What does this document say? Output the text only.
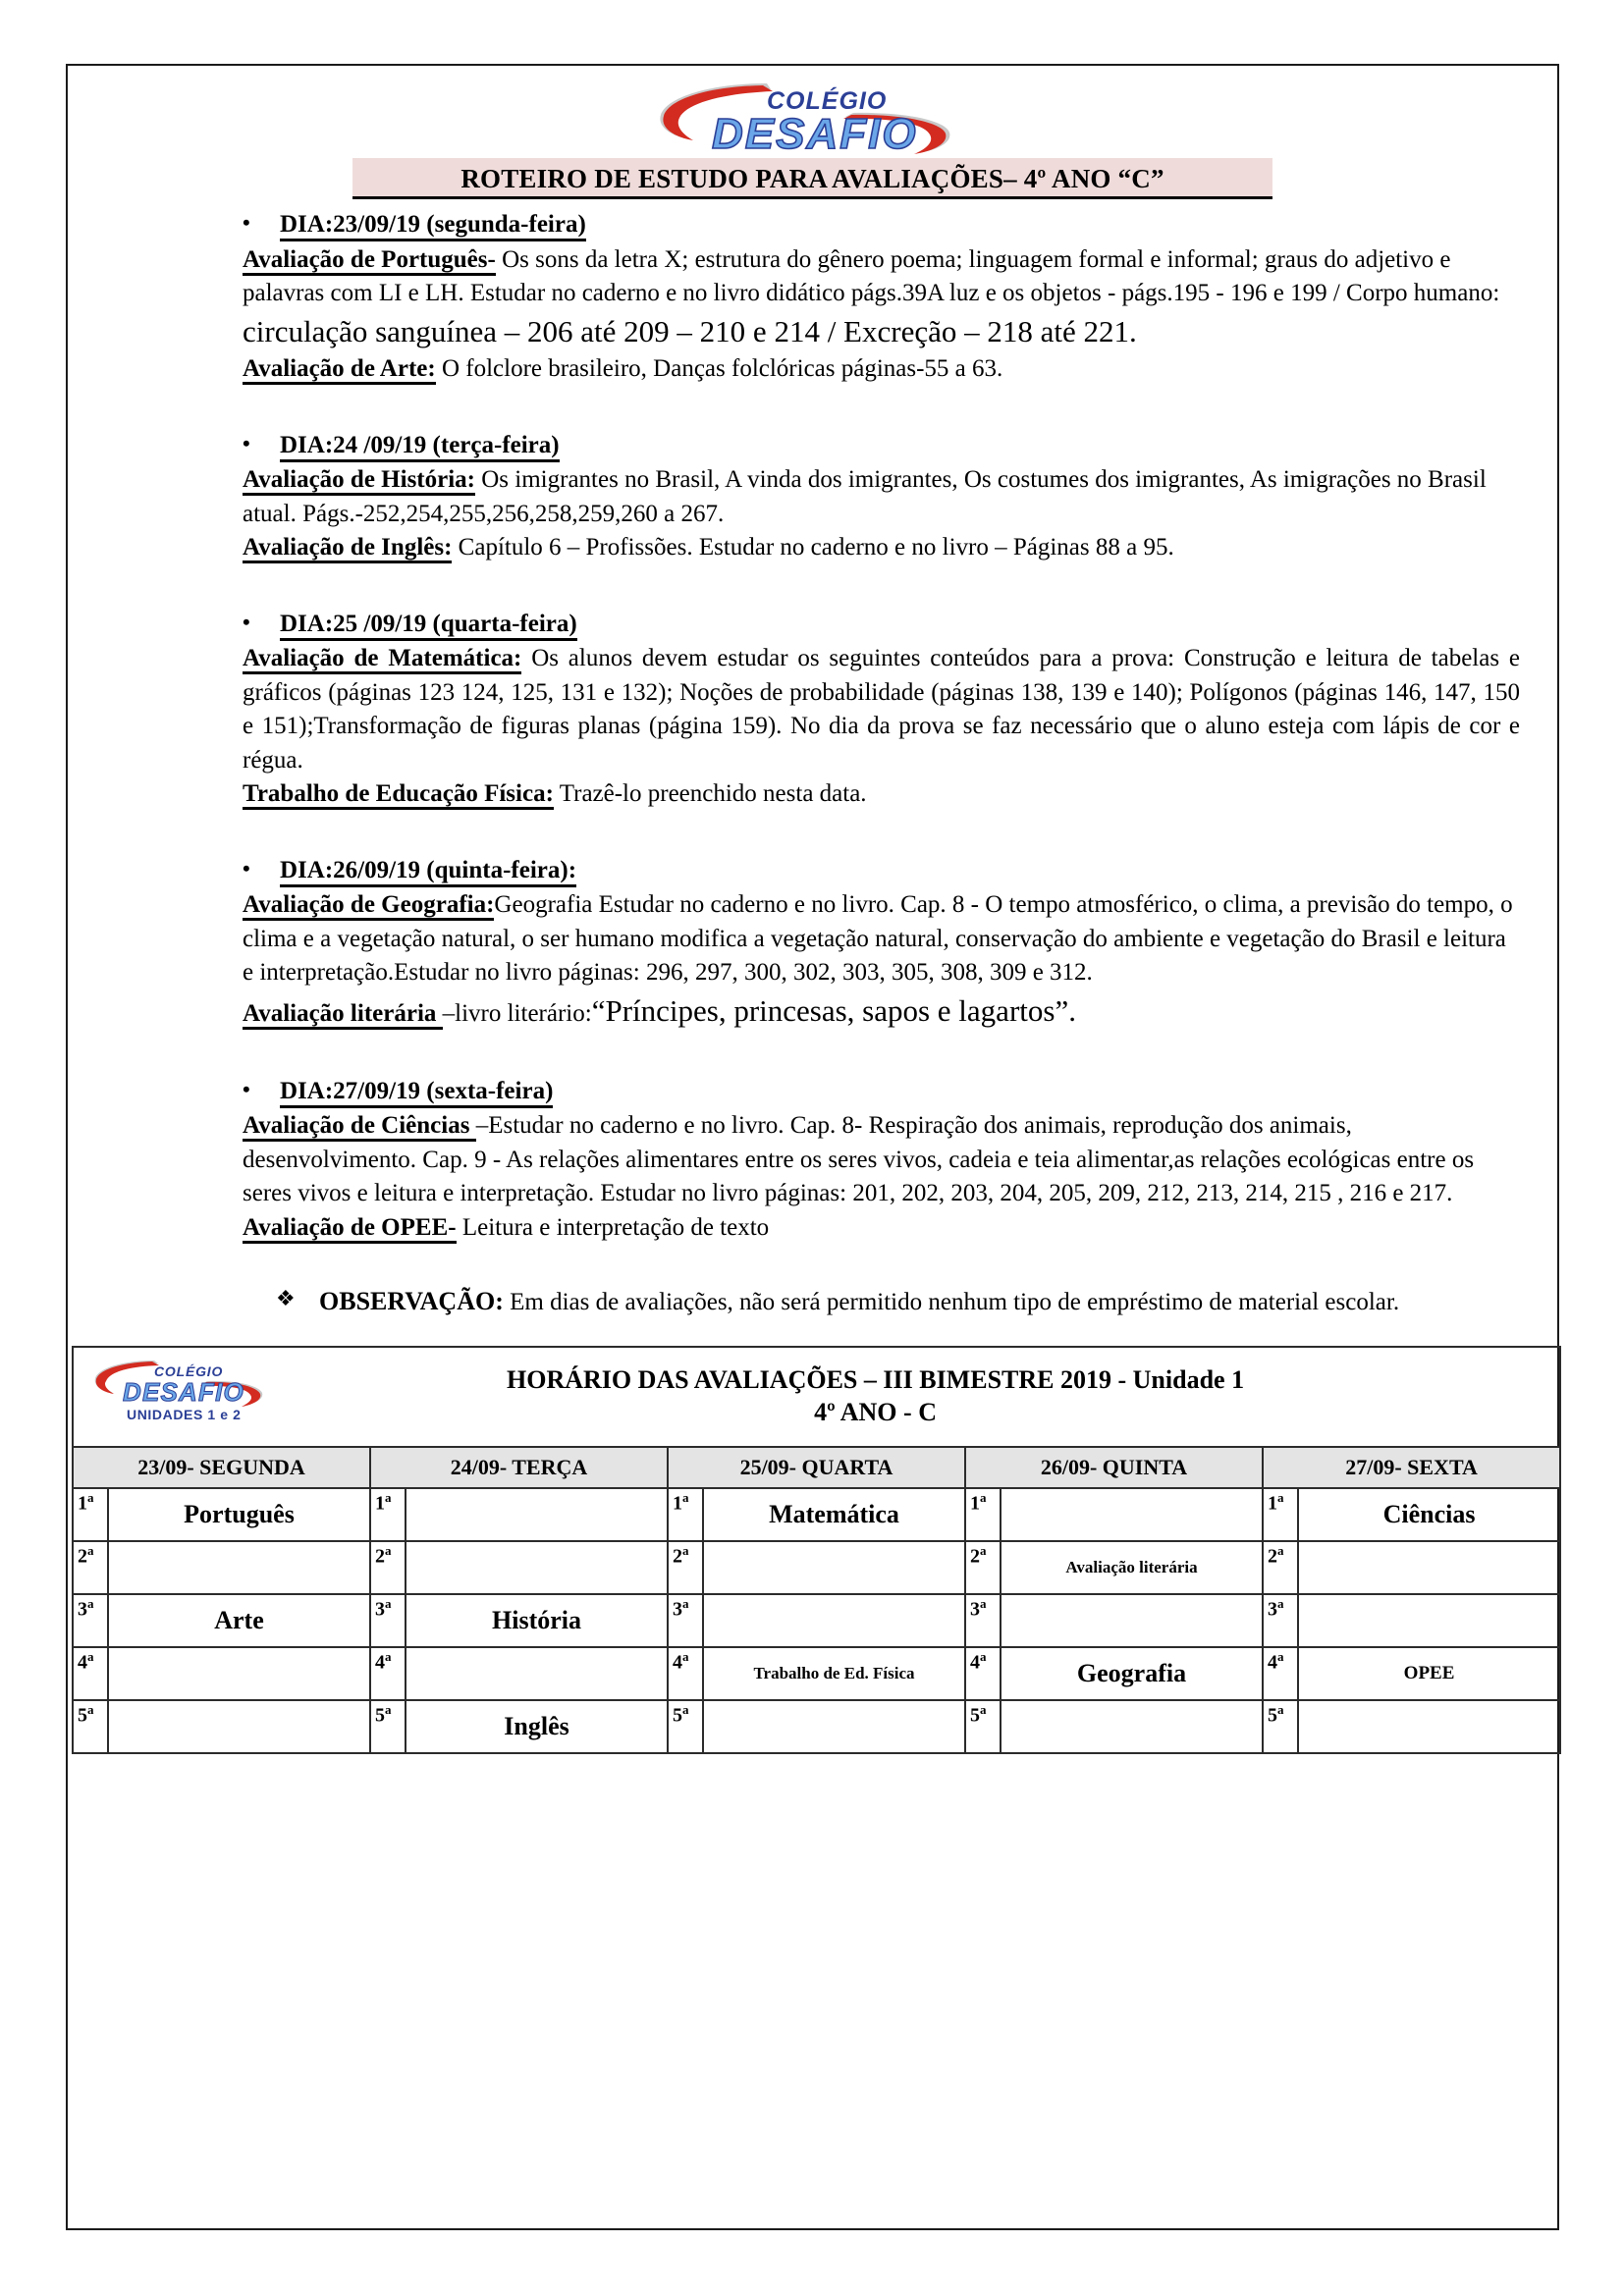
COLÉGIO
DESAFIO
ROTEIRO DE ESTUDO PARA AVALIAÇÕES– 4º ANO “C”
• DIA:23/09/19 (segunda-feira)
Avaliação de Português- Os sons da letra X; estrutura do gênero poema; linguagem formal e informal; graus do adjetivo e palavras com LI e LH. Estudar no caderno e no livro didático págs.39A luz e os objetos - págs.195 - 196 e 199 / Corpo humano: circulação sanguínea – 206 até 209 – 210 e 214 / Excreção – 218 até 221.
Avaliação de Arte: O folclore brasileiro, Danças folclóricas páginas-55 a 63.
• DIA:24 /09/19 (terça-feira)
Avaliação de História: Os imigrantes no Brasil, A vinda dos imigrantes, Os costumes dos imigrantes, As imigrações no Brasil atual. Págs.-252,254,255,256,258,259,260 a 267.
Avaliação de Inglês: Capítulo 6 – Profissões. Estudar no caderno e no livro – Páginas 88 a 95.
• DIA:25 /09/19 (quarta-feira)
Avaliação de Matemática: Os alunos devem estudar os seguintes conteúdos para a prova: Construção e leitura de tabelas e gráficos (páginas 123 124, 125, 131 e 132); Noções de probabilidade (páginas 138, 139 e 140); Polígonos (páginas 146, 147, 150 e 151);Transformação de figuras planas (página 159). No dia da prova se faz necessário que o aluno esteja com lápis de cor e régua.
Trabalho de Educação Física: Trazê-lo preenchido nesta data.
• DIA:26/09/19 (quinta-feira):
Avaliação de Geografia:Geografia Estudar no caderno e no livro. Cap. 8 - O tempo atmosférico, o clima, a previsão do tempo, o clima e a vegetação natural, o ser humano modifica a vegetação natural, conservação do ambiente e vegetação do Brasil e leitura e interpretação.Estudar no livro páginas: 296, 297, 300, 302, 303, 305, 308, 309 e 312.
Avaliação literária –livro literário:“Príncipes, princesas, sapos e lagartos”.
• DIA:27/09/19 (sexta-feira)
Avaliação de Ciências –Estudar no caderno e no livro. Cap. 8- Respiração dos animais, reprodução dos animais, desenvolvimento. Cap. 9 - As relações alimentares entre os seres vivos, cadeia e teia alimentar,as relações ecológicas entre os seres vivos e leitura e interpretação. Estudar no livro páginas: 201, 202, 203, 204, 205, 209, 212, 213, 214, 215 , 216 e 217.
Avaliação de OPEE- Leitura e interpretação de texto
❖ OBSERVAÇÃO: Em dias de avaliações, não será permitido nenhum tipo de empréstimo de material escolar.
COLÉGIO
DESAFIO
UNIDADES 1 e 2
HORÁRIO DAS AVALIAÇÕES – III BIMESTRE 2019 - Unidade 1
4º ANO - C									

23/09- SEGUNDA		24/09- TERÇA		25/09- QUARTA		26/09- QUINTA		27/09- SEXTA	
1$^a$	Português	1$^a$		1$^a$	Matemática	1$^a$		1$^a$	Ciências
2$^a$		2$^a$		2$^a$		2$^a$	Avaliação literária	2$^a$	
3$^a$	Arte	3$^a$	História	3$^a$		3$^a$		3$^a$	
4$^a$		4$^a$		4$^a$	Trabalho de Ed. Física	4$^a$	Geografia	4$^a$	OPEE
5$^a$		5$^a$	Inglês	5$^a$		5$^a$		5$^a$	
